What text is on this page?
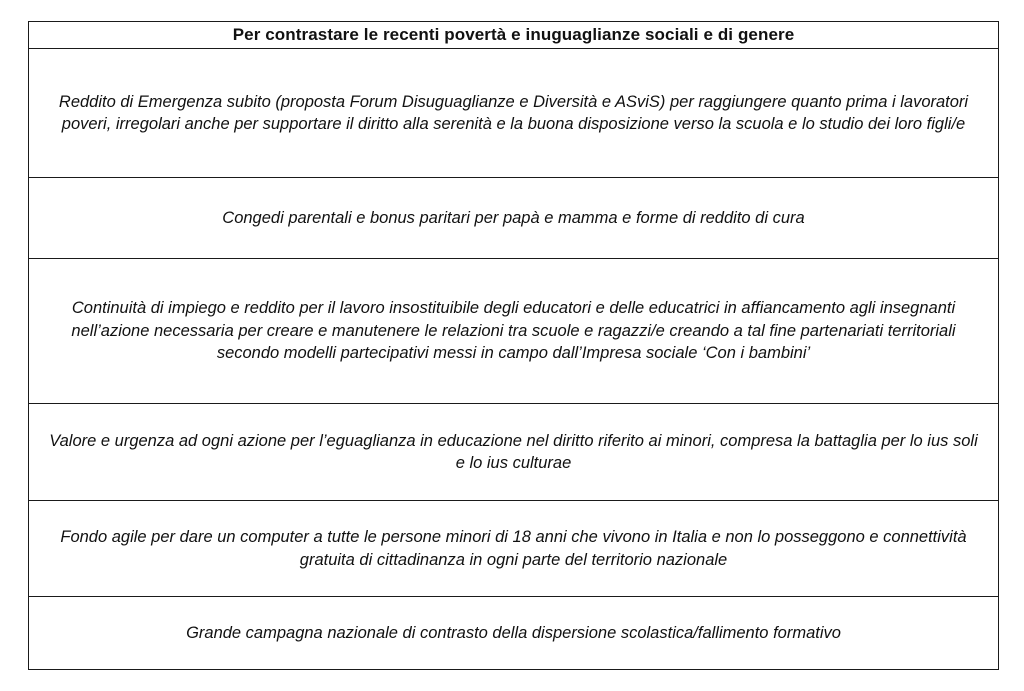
Per contrastare le recenti povertà e inuguaglianze sociali e di genere

Reddito di Emergenza subito (proposta Forum Disuguaglianze e Diversità e ASviS) per raggiungere quanto prima i lavoratori poveri, irregolari anche per supportare il diritto alla serenità e la buona disposizione verso la scuola e lo studio dei loro figli/e

Congedi parentali e bonus paritari per papà e mamma e forme di reddito di cura

Continuità di impiego e reddito per il lavoro insostituibile degli educatori e delle educatrici in affiancamento agli insegnanti nell’azione necessaria per creare e manutenere le relazioni tra scuole e ragazzi/e creando a tal fine partenariati territoriali secondo modelli partecipativi messi in campo dall’Impresa sociale ‘Con i bambini’

Valore e urgenza ad ogni azione per l’eguaglianza in educazione nel diritto riferito ai minori, compresa la battaglia per lo ius soli e lo ius culturae

Fondo agile per dare un computer a tutte le persone minori di 18 anni che vivono in Italia e non lo posseggono e connettività gratuita di cittadinanza in ogni parte del territorio nazionale

Grande campagna nazionale di contrasto della dispersione scolastica/fallimento formativo
